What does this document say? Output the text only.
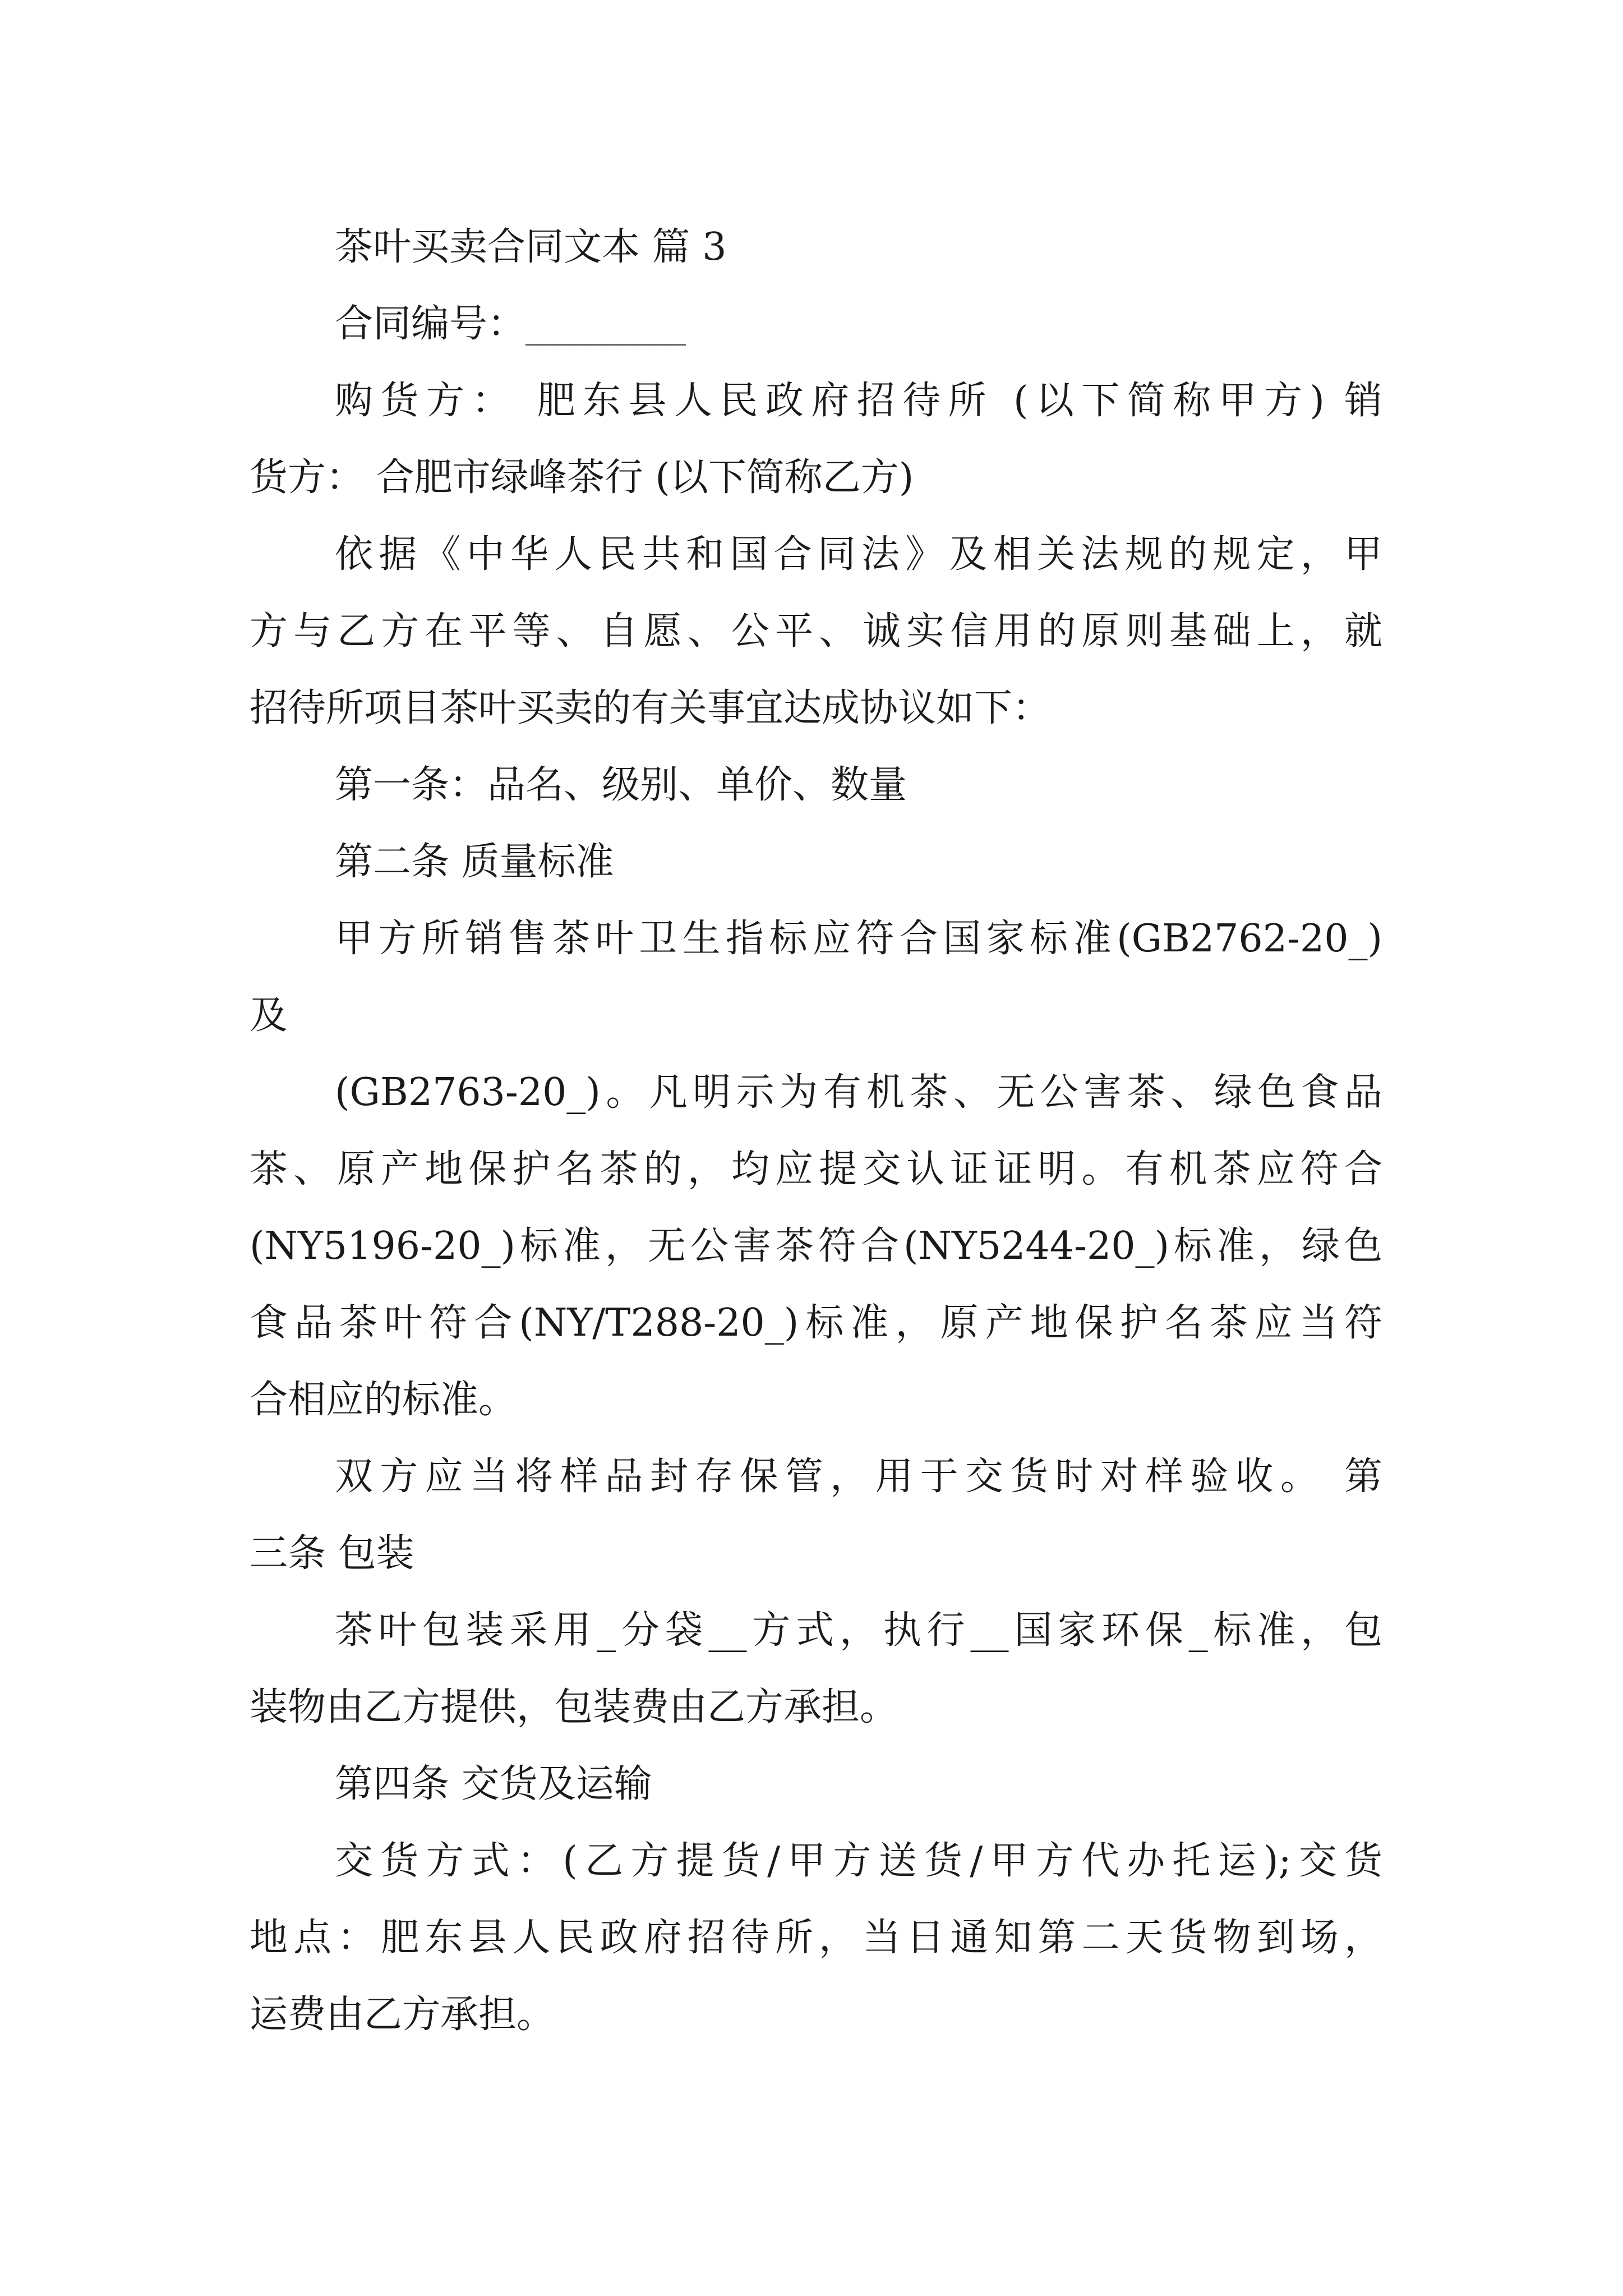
茶叶买卖合同文本 篇 3
合同编号：__________
购货方： 肥东县人民政府招待所 (以下简称甲方) 销
货方： 合肥市绿峰茶行 (以下简称乙方)
依据《中华人民共和国合同法》及相关法规的规定，甲
方与乙方在平等、自愿、公平、诚实信用的原则基础上，就
招待所项目茶叶买卖的有关事宜达成协议如下：
第一条：品名、级别、单价、数量
第二条 质量标准
甲方所销售茶叶卫生指标应符合国家标准(GB2762-20_)
及
(GB2763-20_)。凡明示为有机茶、无公害茶、绿色食品
茶、原产地保护名茶的，均应提交认证证明。有机茶应符合
(NY5196-20_)标准，无公害茶符合(NY5244-20_)标准，绿色
食品茶叶符合(NY/T288-20_)标准，原产地保护名茶应当符
合相应的标准。
双方应当将样品封存保管，用于交货时对样验收。 第
三条 包装
茶叶包装采用_分袋__方式，执行__国家环保_标准，包
装物由乙方提供，包装费由乙方承担。
第四条 交货及运输
交货方式：(乙方提货/甲方送货/甲方代办托运);交货
地点：肥东县人民政府招待所，当日通知第二天货物到场，
运费由乙方承担。
